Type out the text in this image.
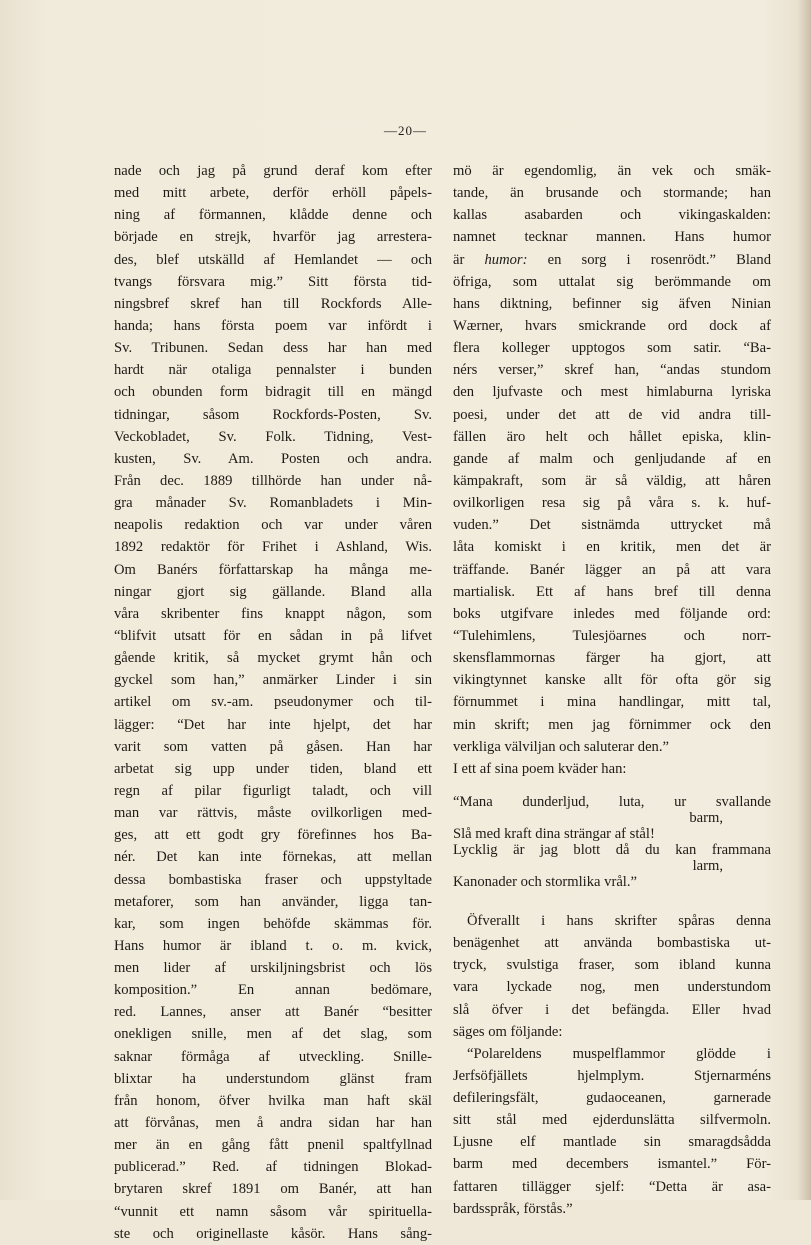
—20—
nade och jag på grund deraf kom efter
med mitt arbete, derför erhöll påpels-
ning af förmannen, klådde denne och
började en strejk, hvarför jag arrestera-
des, blef utskälld af Hemlandet — och
tvangs försvara mig.” Sitt första tid-
ningsbref skref han till Rockfords Alle-
handa; hans första poem var infördt i
Sv. Tribunen. Sedan dess har han med
hardt när otaliga pennalster i bunden
och obunden form bidragit till en mängd
tidningar, såsom Rockfords-Posten, Sv.
Veckobladet, Sv. Folk. Tidning, Vest-
kusten, Sv. Am. Posten och andra.
Från dec. 1889 tillhörde han under nå-
gra månader Sv. Romanbladets i Min-
neapolis redaktion och var under våren
1892 redaktör för Frihet i Ashland, Wis.
Om Banérs författarskap ha många me-
ningar gjort sig gällande. Bland alla
våra skribenter fins knappt någon, som
“blifvit utsatt för en sådan in på lifvet
gående kritik, så mycket grymt hån och
gyckel som han,” anmärker Linder i sin
artikel om sv.-am. pseudonymer och til-
lägger: “Det har inte hjelpt, det har
varit som vatten på gåsen. Han har
arbetat sig upp under tiden, bland ett
regn af pilar figurligt taladt, och vill
man var rättvis, måste ovilkorligen med-
ges, att ett godt gry förefinnes hos Ba-
nér. Det kan inte förnekas, att mellan
dessa bombastiska fraser och uppstyltade
metaforer, som han använder, ligga tan-
kar, som ingen behöfde skämmas för.
Hans humor är ibland t. o. m. kvick,
men lider af urskiljningsbrist och lös
komposition.” En annan bedömare,
red. Lannes, anser att Banér “besitter
onekligen snille, men af det slag, som
saknar förmåga af utveckling. Snille-
blixtar ha understundom glänst fram
från honom, öfver hvilka man haft skäl
att förvånas, men å andra sidan har han
mer än en gång fått pnenil spaltfyllnad
publicerad.” Red. af tidningen Blokad-
brytaren skref 1891 om Banér, att han
“vunnit ett namn såsom vår spirituella-
ste och originellaste kåsör. Hans sång-
mö är egendomlig, än vek och smäk-
tande, än brusande och stormande; han
kallas asabarden och vikingaskalden:
namnet tecknar mannen. Hans humor
är humor: en sorg i rosenrödt.” Bland
öfriga, som uttalat sig berömmande om
hans diktning, befinner sig äfven Ninian
Wærner, hvars smickrande ord dock af
flera kolleger upptogos som satir. “Ba-
nérs verser,” skref han, “andas stundom
den ljufvaste och mest himlaburna lyriska
poesi, under det att de vid andra till-
fällen äro helt och hållet episka, klin-
gande af malm och genljudande af en
kämpakraft, som är så väldig, att håren
ovilkorligen resa sig på våra s. k. huf-
vuden.” Det sistnämda uttrycket må
låta komiskt i en kritik, men det är
träffande. Banér lägger an på att vara
martialisk. Ett af hans bref till denna
boks utgifvare inledes med följande ord:
“Tulehimlens, Tulesjöarnes och norr-
skensflammornas färger ha gjort, att
vikingtynnet kanske allt för ofta gör sig
förnummet i mina handlingar, mitt tal,
min skrift; men jag förnimmer ock den
verkliga välviljan och saluterar den.”
I ett af sina poem kväder han:
“Mana dunderljud, luta, ur svallande
barm,
Slå med kraft dina strängar af stål!
Lycklig är jag blott då du kan frammana
larm,
Kanonader och stormlika vrål.”
Öfverallt i hans skrifter spåras denna
benägenhet att använda bombastiska ut-
tryck, svulstiga fraser, som ibland kunna
vara lyckade nog, men understundom
slå öfver i det befängda. Eller hvad
säges om följande:
“Polareldens muspelflammor glödde i
Jerfsöfjällets hjelmplym. Stjernarméns
defileringsfält, gudaoceanen, garnerade
sitt stål med ejderdunslätta silfvermoln.
Ljusne elf mantlade sin smaragdsådda
barm med decembers ismantel.” För-
fattaren tillägger sjelf: “Detta är asa-
bardsspråk, förstås.”
